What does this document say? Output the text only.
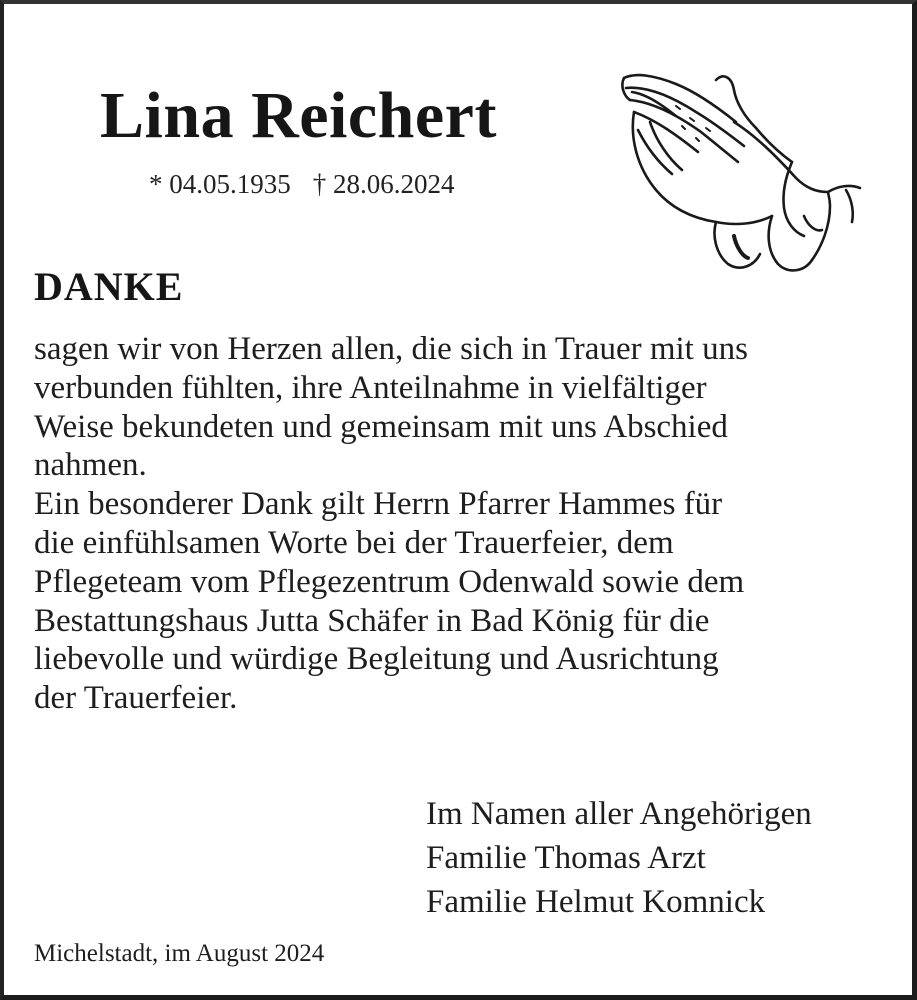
Lina Reichert
* 04.05.1935 † 28.06.2024
DANKE
sagen wir von Herzen allen, die sich in Trauer mit uns
verbunden fühlten, ihre Anteilnahme in vielfältiger
Weise bekundeten und gemeinsam mit uns Abschied
nahmen.
Ein besonderer Dank gilt Herrn Pfarrer Hammes für
die einfühlsamen Worte bei der Trauerfeier, dem
Pflegeteam vom Pflegezentrum Odenwald sowie dem
Bestattungshaus Jutta Schäfer in Bad König für die
liebevolle und würdige Begleitung und Ausrichtung
der Trauerfeier.
Im Namen aller Angehörigen
Familie Thomas Arzt
Familie Helmut Komnick
Michelstadt, im August 2024
